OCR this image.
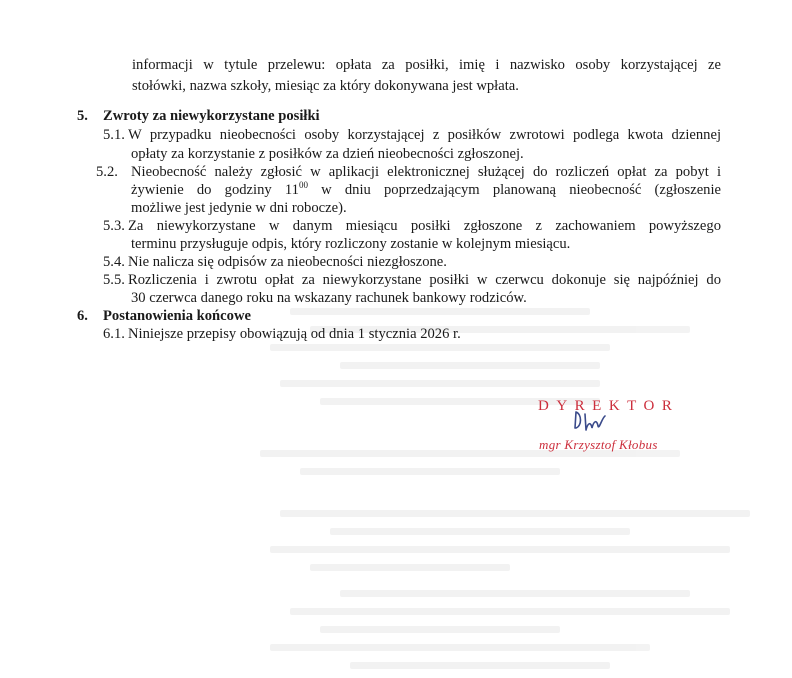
informacji w tytule przelewu: opłata za posiłki, imię i nazwisko osoby korzystającej ze
stołówki, nazwa szkoły, miesiąc za który dokonywana jest wpłata.
5. Zwroty za niewykorzystane posiłki
5.1. W przypadku nieobecności osoby korzystającej z posiłków zwrotowi podlega kwota dziennej
opłaty za korzystanie z posiłków za dzień nieobecności zgłoszonej.
5.2. Nieobecność należy zgłosić w aplikacji elektronicznej służącej do rozliczeń opłat za pobyt i
żywienie do godziny $11^{00}$ w dniu poprzedzającym planowaną nieobecność (zgłoszenie
możliwe jest jedynie w dni robocze).
5.3. Za niewykorzystane w danym miesiącu posiłki zgłoszone z zachowaniem powyższego
terminu przysługuje odpis, który rozliczony zostanie w kolejnym miesiącu.
5.4. Nie nalicza się odpisów za nieobecności niezgłoszone.
5.5. Rozliczenia i zwrotu opłat za niewykorzystane posiłki w czerwcu dokonuje się najpóźniej do
30 czerwca danego roku na wskazany rachunek bankowy rodziców.
6. Postanowienia końcowe
6.1. Niniejsze przepisy obowiązują od dnia 1 stycznia 2026 r.
DYREKTOR
mgr Krzysztof Kłobus
